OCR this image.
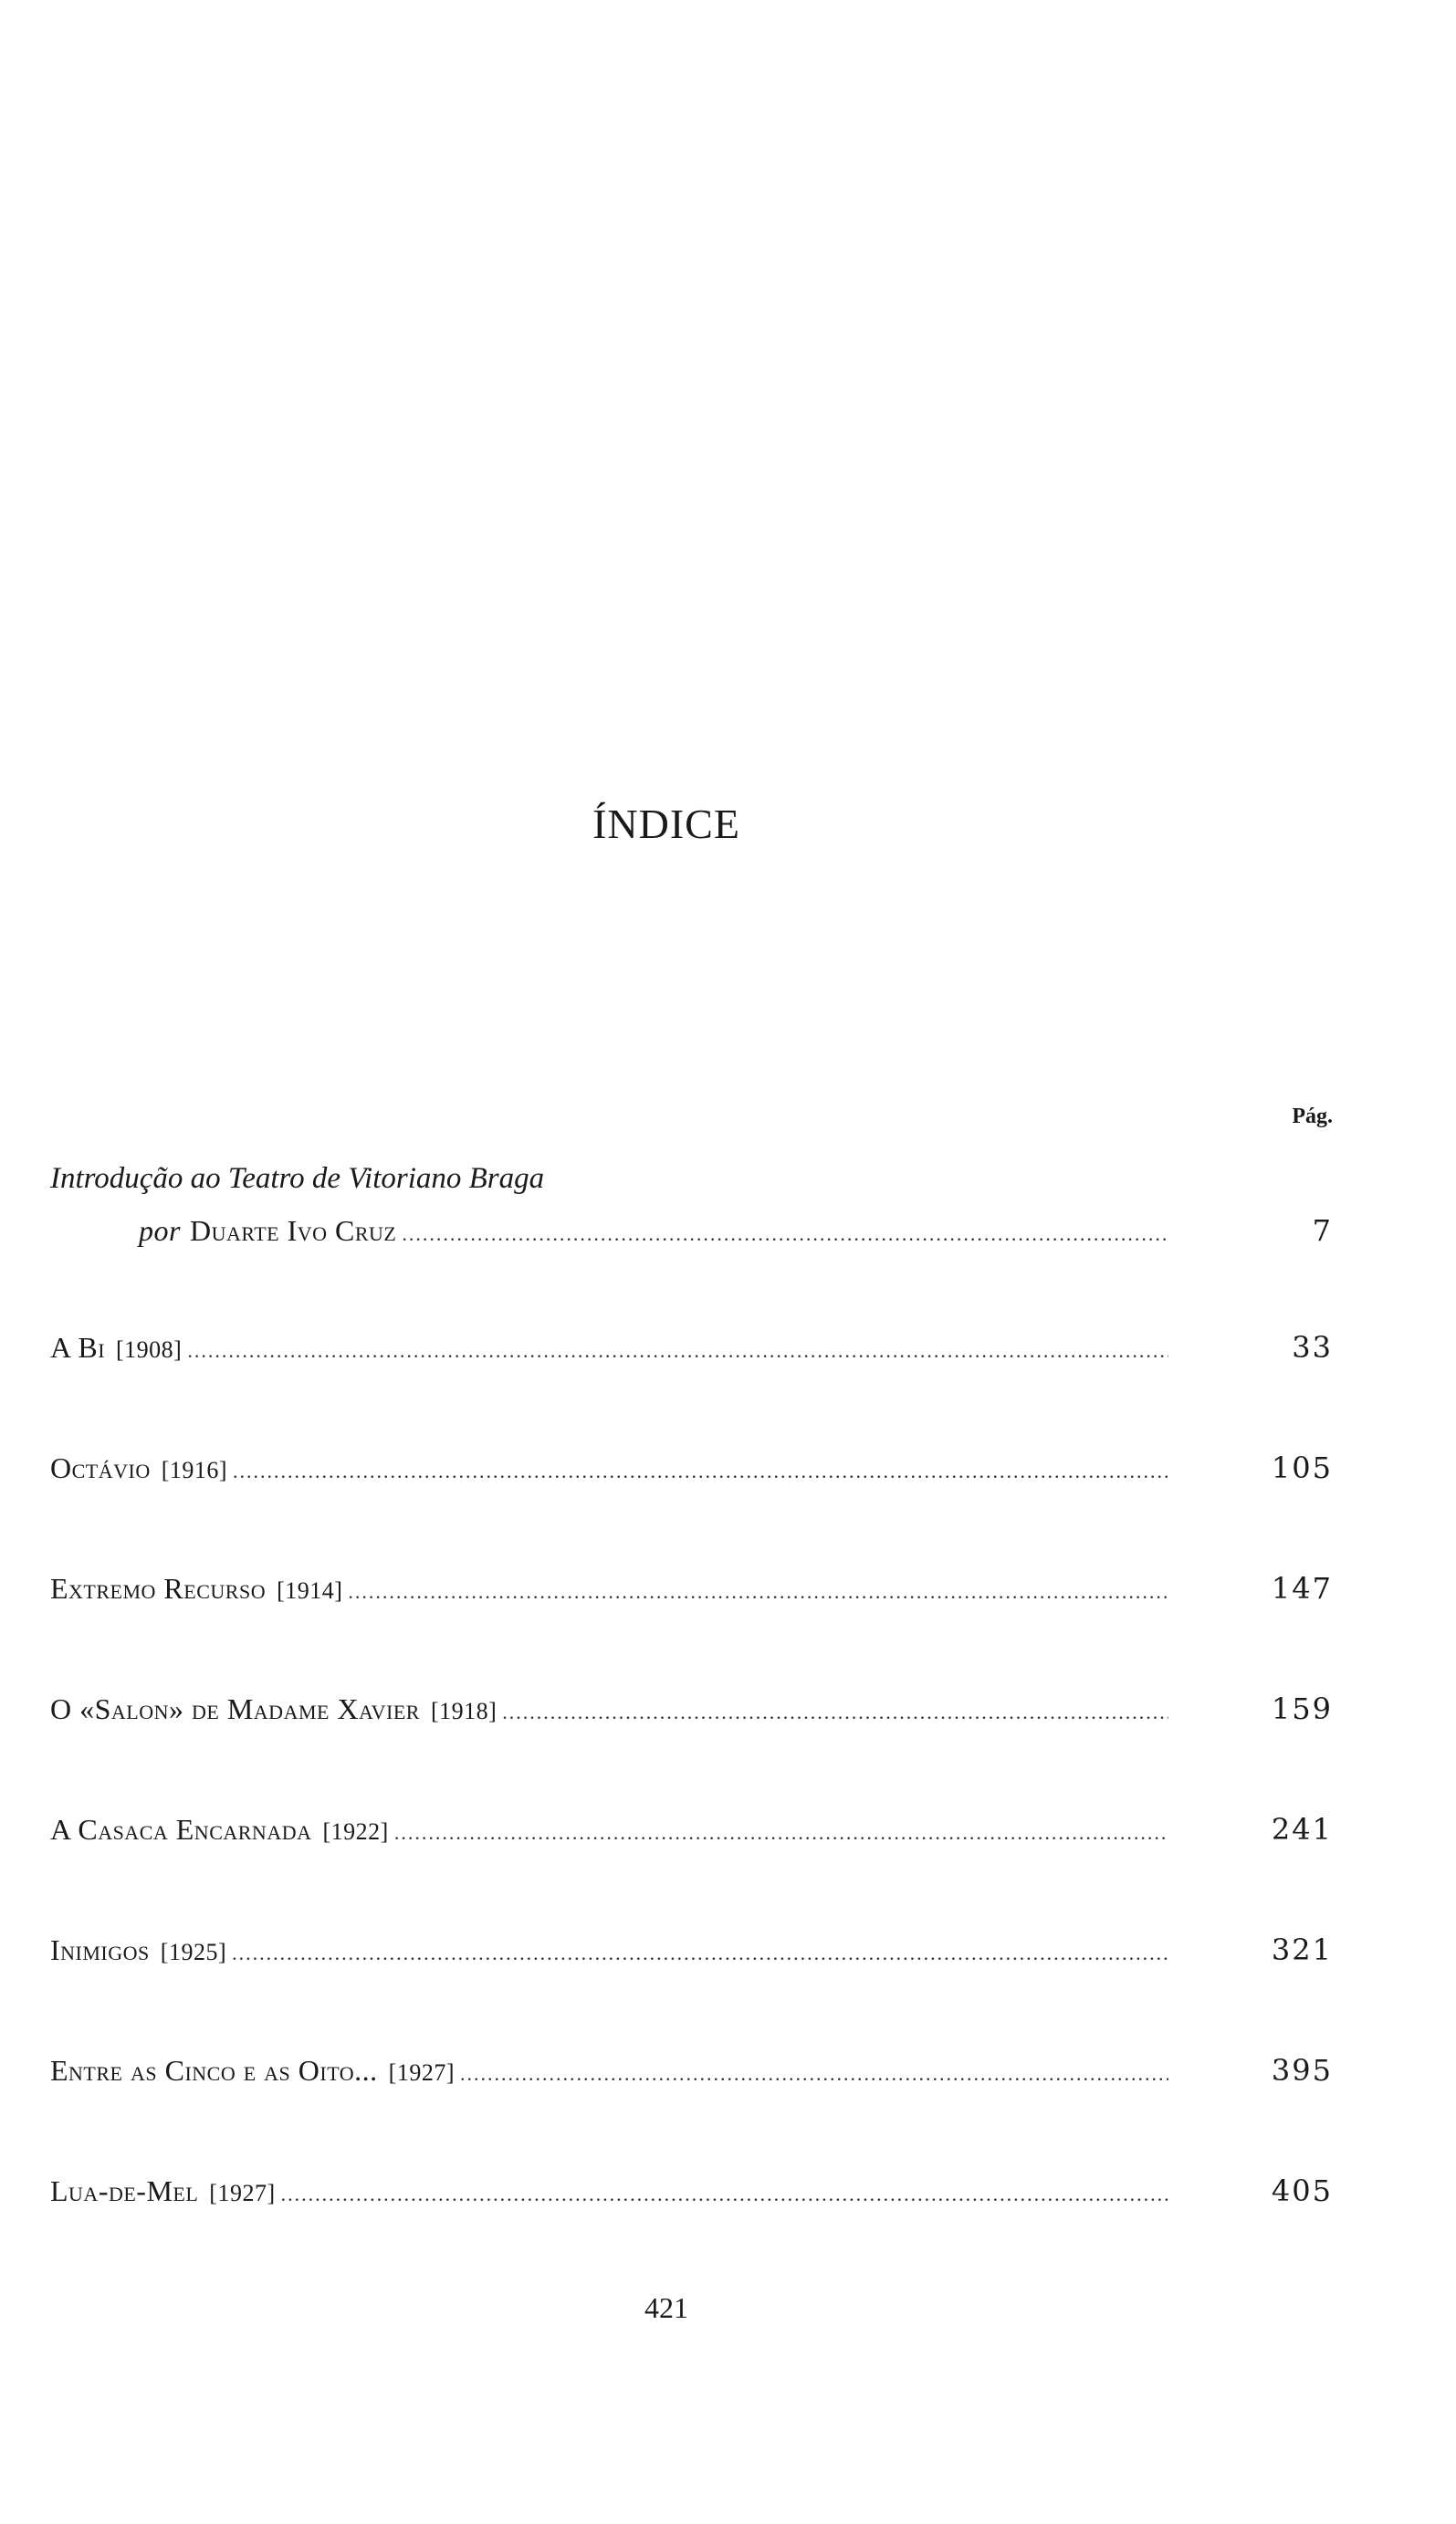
ÍNDICE
Pág.
Introdução ao Teatro de Vitoriano Braga
por Duarte Ivo Cruz .....	7
A Bi [1908] .....	33
Octávio [1916] .....	105
Extremo Recurso [1914] .....	147
O «Salon» de Madame Xavier [1918] .....	159
A Casaca Encarnada [1922] .....	241
Inimigos [1925] .....	321
Entre as Cinco e as Oito... [1927] .....	395
Lua-de-Mel [1927] .....	405
421
